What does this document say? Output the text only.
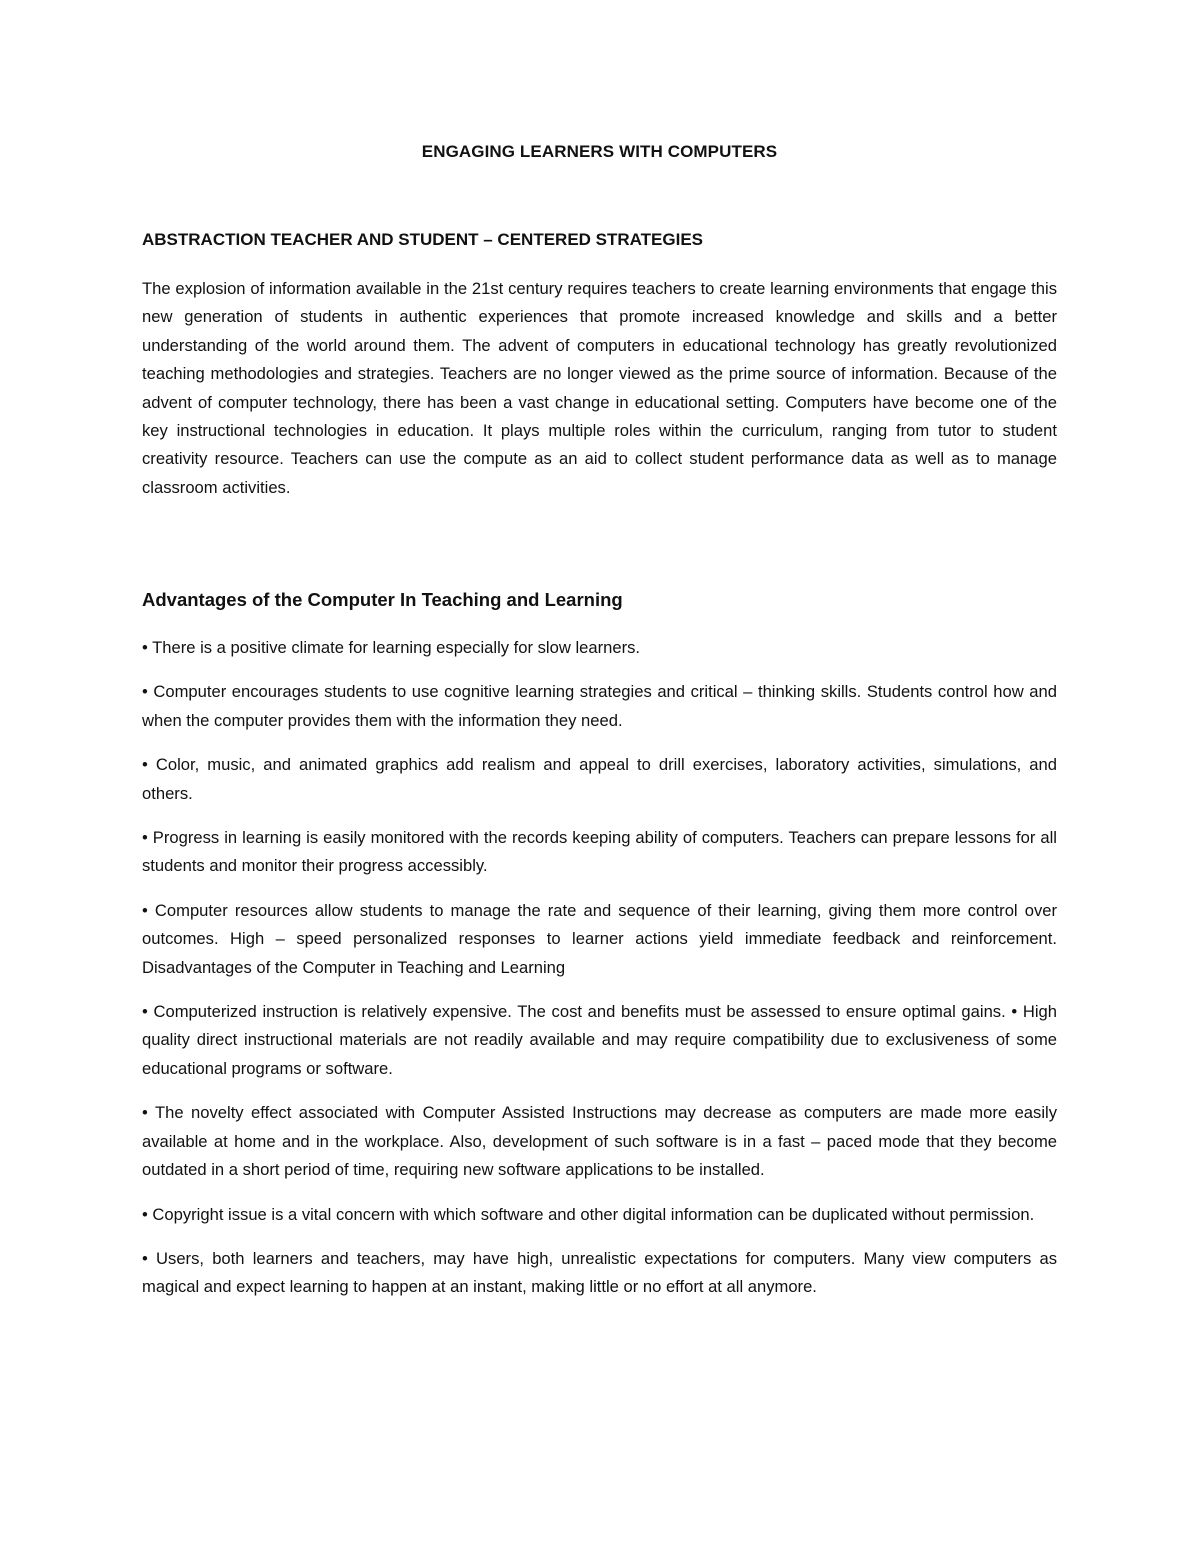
ENGAGING LEARNERS WITH COMPUTERS
ABSTRACTION TEACHER AND STUDENT – CENTERED STRATEGIES

The explosion of information available in the 21st century requires teachers to create learning environments that engage this new generation of students in authentic experiences that promote increased knowledge and skills and a better understanding of the world around them. The advent of computers in educational technology has greatly revolutionized teaching methodologies and strategies. Teachers are no longer viewed as the prime source of information. Because of the advent of computer technology, there has been a vast change in educational setting. Computers have become one of the key instructional technologies in education. It plays multiple roles within the curriculum, ranging from tutor to student creativity resource. Teachers can use the compute as an aid to collect student performance data as well as to manage classroom activities.

Advantages of the Computer In Teaching and Learning
• There is a positive climate for learning especially for slow learners.
• Computer encourages students to use cognitive learning strategies and critical – thinking skills. Students control how and when the computer provides them with the information they need.
• Color, music, and animated graphics add realism and appeal to drill exercises, laboratory activities, simulations, and others.
• Progress in learning is easily monitored with the records keeping ability of computers. Teachers can prepare lessons for all students and monitor their progress accessibly.
• Computer resources allow students to manage the rate and sequence of their learning, giving them more control over outcomes. High – speed personalized responses to learner actions yield immediate feedback and reinforcement. Disadvantages of the Computer in Teaching and Learning
• Computerized instruction is relatively expensive. The cost and benefits must be assessed to ensure optimal gains. • High quality direct instructional materials are not readily available and may require compatibility due to exclusiveness of some educational programs or software.
• The novelty effect associated with Computer Assisted Instructions may decrease as computers are made more easily available at home and in the workplace. Also, development of such software is in a fast – paced mode that they become outdated in a short period of time, requiring new software applications to be installed.
• Copyright issue is a vital concern with which software and other digital information can be duplicated without permission.
• Users, both learners and teachers, may have high, unrealistic expectations for computers. Many view computers as magical and expect learning to happen at an instant, making little or no effort at all anymore.
